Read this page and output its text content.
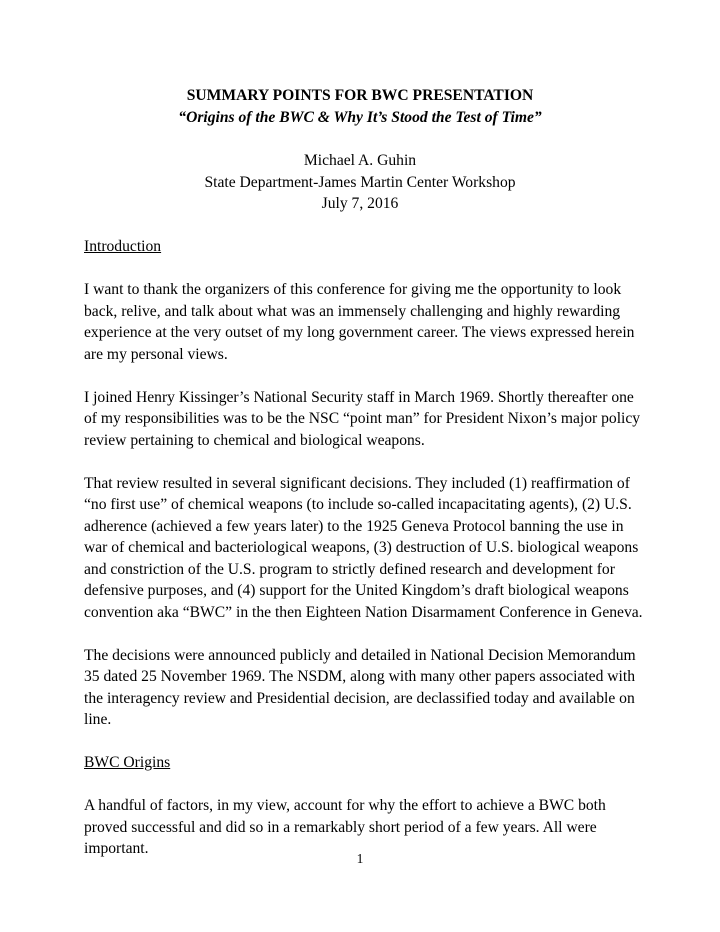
SUMMARY POINTS FOR BWC PRESENTATION
“Origins of the BWC & Why It’s Stood the Test of Time”
Michael A. Guhin
State Department-James Martin Center Workshop
July 7, 2016
Introduction

I want to thank the organizers of this conference for giving me the opportunity to look back, relive, and talk about what was an immensely challenging and highly rewarding experience at the very outset of my long government career. The views expressed herein are my personal views.

I joined Henry Kissinger’s National Security staff in March 1969. Shortly thereafter one of my responsibilities was to be the NSC “point man” for President Nixon’s major policy review pertaining to chemical and biological weapons.

That review resulted in several significant decisions. They included (1) reaffirmation of “no first use” of chemical weapons (to include so-called incapacitating agents), (2) U.S. adherence (achieved a few years later) to the 1925 Geneva Protocol banning the use in war of chemical and bacteriological weapons, (3) destruction of U.S. biological weapons and constriction of the U.S. program to strictly defined research and development for defensive purposes, and (4) support for the United Kingdom’s draft biological weapons convention aka “BWC” in the then Eighteen Nation Disarmament Conference in Geneva.

The decisions were announced publicly and detailed in National Decision Memorandum 35 dated 25 November 1969. The NSDM, along with many other papers associated with the interagency review and Presidential decision, are declassified today and available on line.

BWC Origins

A handful of factors, in my view, account for why the effort to achieve a BWC both proved successful and did so in a remarkably short period of a few years. All were important.

1
